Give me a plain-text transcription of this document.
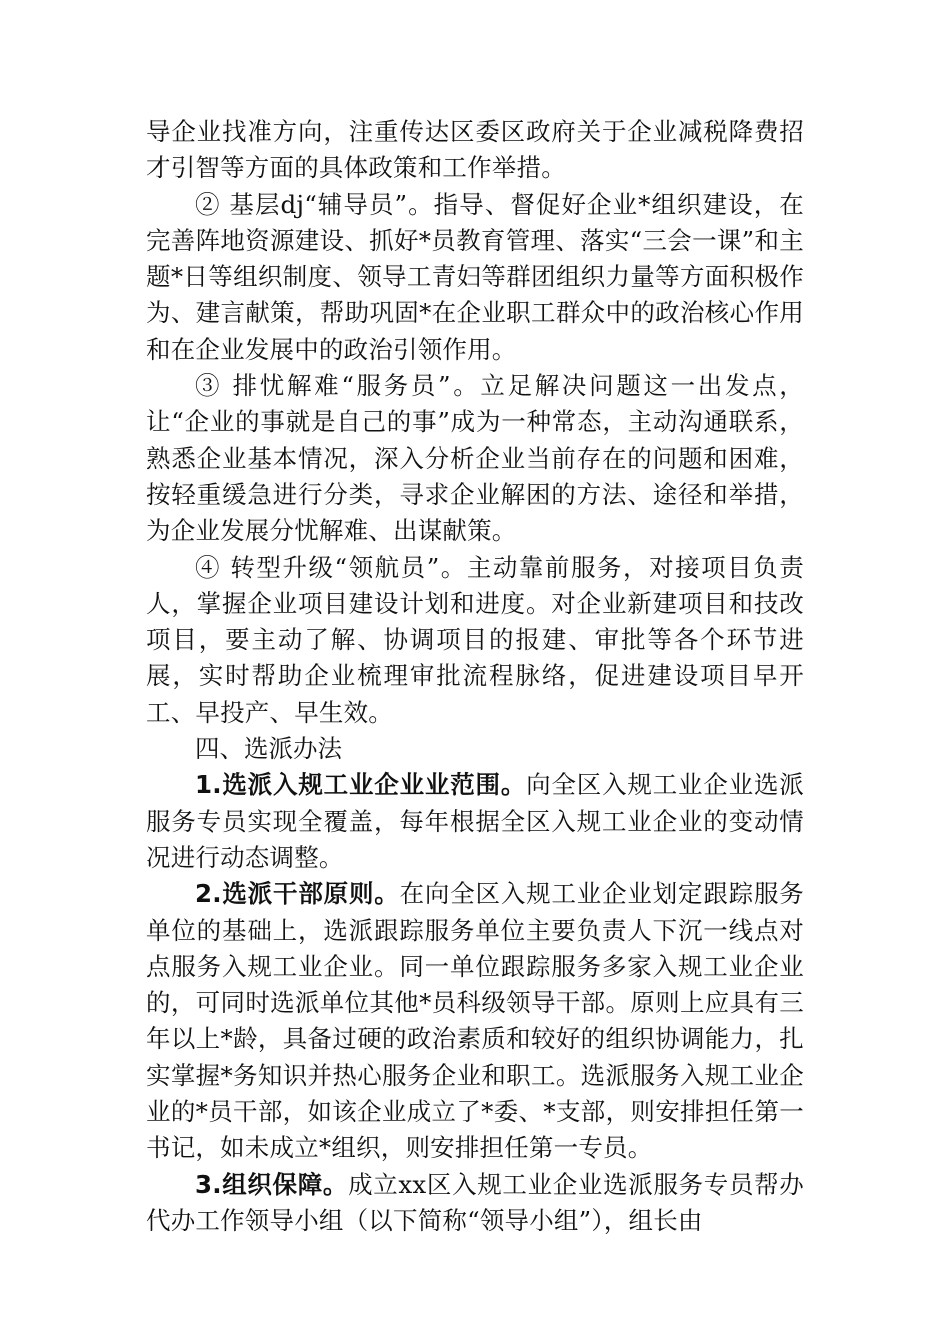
导企业找准方向，注重传达区委区政府关于企业减税降费招才引智等方面的具体政策和工作举措。

② 基层dj“辅导员”。指导、督促好企业*组织建设，在完善阵地资源建设、抓好*员教育管理、落实“三会一课”和主题*日等组织制度、领导工青妇等群团组织力量等方面积极作为、建言献策，帮助巩固*在企业职工群众中的政治核心作用和在企业发展中的政治引领作用。

③ 排忧解难“服务员”。立足解决问题这一出发点，让“企业的事就是自己的事”成为一种常态，主动沟通联系，熟悉企业基本情况，深入分析企业当前存在的问题和困难，按轻重缓急进行分类，寻求企业解困的方法、途径和举措，为企业发展分忧解难、出谋献策。

④ 转型升级“领航员”。主动靠前服务，对接项目负责人，掌握企业项目建设计划和进度。对企业新建项目和技改项目，要主动了解、协调项目的报建、审批等各个环节进展，实时帮助企业梳理审批流程脉络，促进建设项目早开工、早投产、早生效。

四、选派办法

1.选派入规工业企业业范围。向全区入规工业企业选派服务专员实现全覆盖，每年根据全区入规工业企业的变动情况进行动态调整。

2.选派干部原则。在向全区入规工业企业划定跟踪服务单位的基础上，选派跟踪服务单位主要负责人下沉一线点对点服务入规工业企业。同一单位跟踪服务多家入规工业企业的，可同时选派单位其他*员科级领导干部。原则上应具有三年以上*龄，具备过硬的政治素质和较好的组织协调能力，扎实掌握*务知识并热心服务企业和职工。选派服务入规工业企业的*员干部，如该企业成立了*委、*支部，则安排担任第一书记，如未成立*组织，则安排担任第一专员。

3.组织保障。成立xx区入规工业企业选派服务专员帮办代办工作领导小组（以下简称“领导小组”），组长由
